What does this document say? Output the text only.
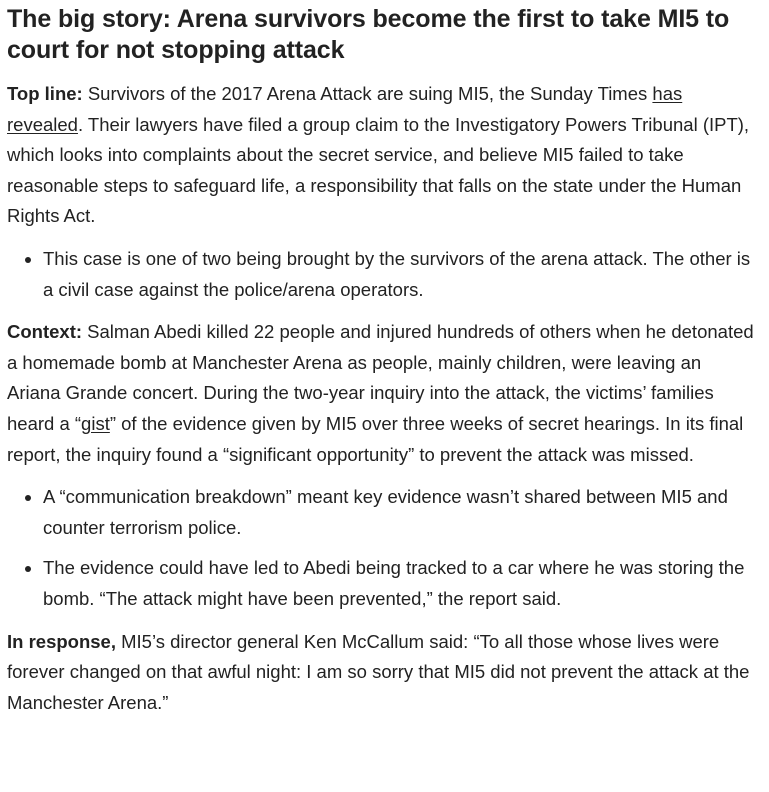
The big story: Arena survivors become the first to take MI5 to court for not stopping attack

Top line: Survivors of the 2017 Arena Attack are suing MI5, the Sunday Times has revealed. Their lawyers have filed a group claim to the Investigatory Powers Tribunal (IPT), which looks into complaints about the secret service, and believe MI5 failed to take reasonable steps to safeguard life, a responsibility that falls on the state under the Human Rights Act.

This case is one of two being brought by the survivors of the arena attack. The other is a civil case against the police/arena operators.

Context: Salman Abedi killed 22 people and injured hundreds of others when he detonated a homemade bomb at Manchester Arena as people, mainly children, were leaving an Ariana Grande concert. During the two-year inquiry into the attack, the victims’ families heard a “gist” of the evidence given by MI5 over three weeks of secret hearings. In its final report, the inquiry found a “significant opportunity” to prevent the attack was missed.

A “communication breakdown” meant key evidence wasn’t shared between MI5 and counter terrorism police.
The evidence could have led to Abedi being tracked to a car where he was storing the bomb. “The attack might have been prevented,” the report said.

In response, MI5’s director general Ken McCallum said: “To all those whose lives were forever changed on that awful night: I am so sorry that MI5 did not prevent the attack at the Manchester Arena.”
